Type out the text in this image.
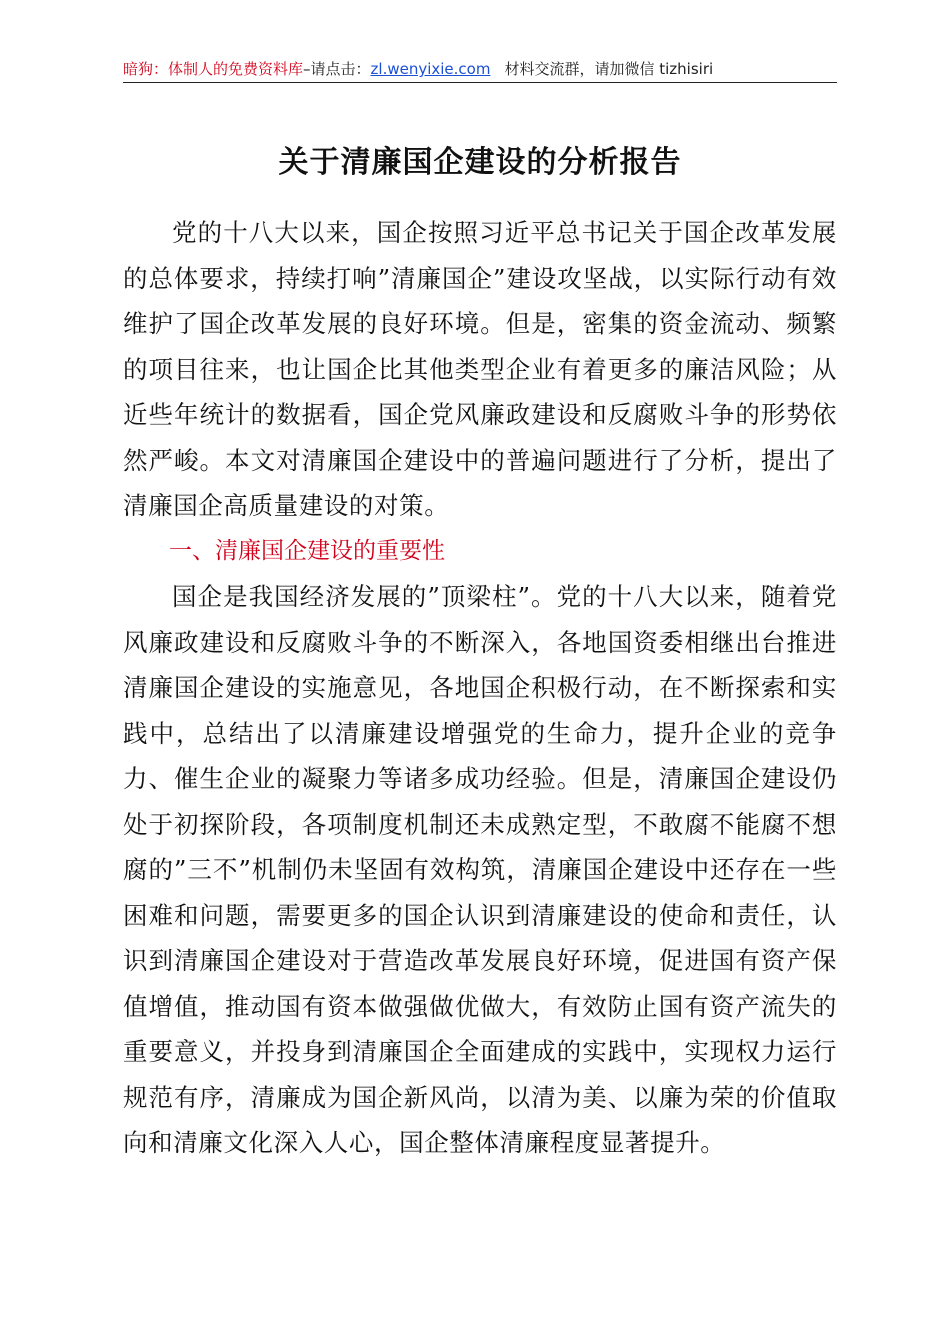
暗狗：体制人的免费资料库–请点击：zl.wenyixie.com 材料交流群，请加微信 tizhisiri
关于清廉国企建设的分析报告

党的十八大以来，国企按照习近平总书记关于国企改革发展的总体要求，持续打响”清廉国企”建设攻坚战，以实际行动有效维护了国企改革发展的良好环境。但是，密集的资金流动、频繁的项目往来，也让国企比其他类型企业有着更多的廉洁风险；从近些年统计的数据看，国企党风廉政建设和反腐败斗争的形势依然严峻。本文对清廉国企建设中的普遍问题进行了分析，提出了清廉国企高质量建设的对策。

一、清廉国企建设的重要性

国企是我国经济发展的”顶梁柱”。党的十八大以来，随着党风廉政建设和反腐败斗争的不断深入，各地国资委相继出台推进清廉国企建设的实施意见，各地国企积极行动，在不断探索和实践中，总结出了以清廉建设增强党的生命力，提升企业的竞争力、催生企业的凝聚力等诸多成功经验。但是，清廉国企建设仍处于初探阶段，各项制度机制还未成熟定型，不敢腐不能腐不想腐的”三不”机制仍未坚固有效构筑，清廉国企建设中还存在一些困难和问题，需要更多的国企认识到清廉建设的使命和责任，认识到清廉国企建设对于营造改革发展良好环境，促进国有资产保值增值，推动国有资本做强做优做大，有效防止国有资产流失的重要意义，并投身到清廉国企全面建成的实践中，实现权力运行规范有序，清廉成为国企新风尚，以清为美、以廉为荣的价值取向和清廉文化深入人心，国企整体清廉程度显著提升。
